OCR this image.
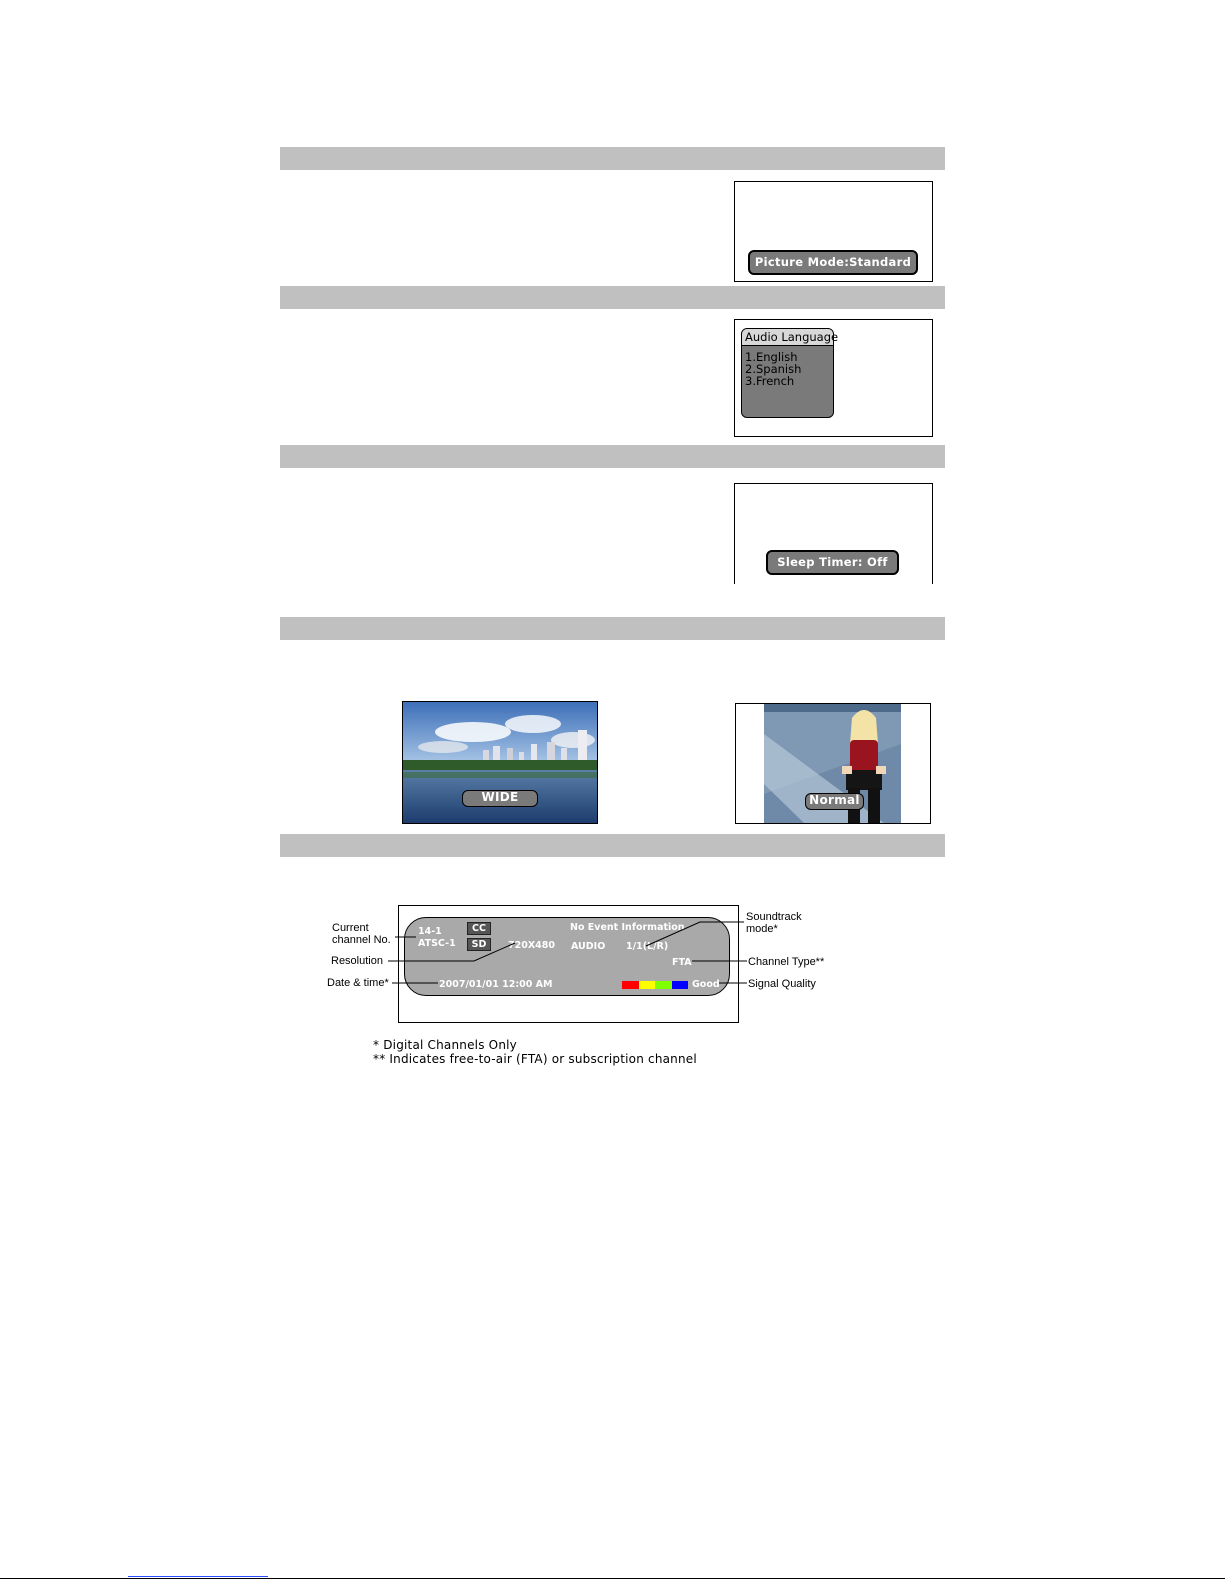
Picture Mode:Standard
Audio Language
1.English
2.Spanish
3.French
Sleep Timer: Off
WIDE	Normal
14-1
ATSC-1
CC
SD
No Event Information
720X480 AUDIO 1/1(L/R)
FTA
2007/01/01 12:00 AM	Good
Current
channel No.
Resolution
Date & time*
Soundtrack
mode*
Channel Type**
Signal Quality
* Digital Channels Only
** Indicates free-to-air (FTA) or subscription channel
